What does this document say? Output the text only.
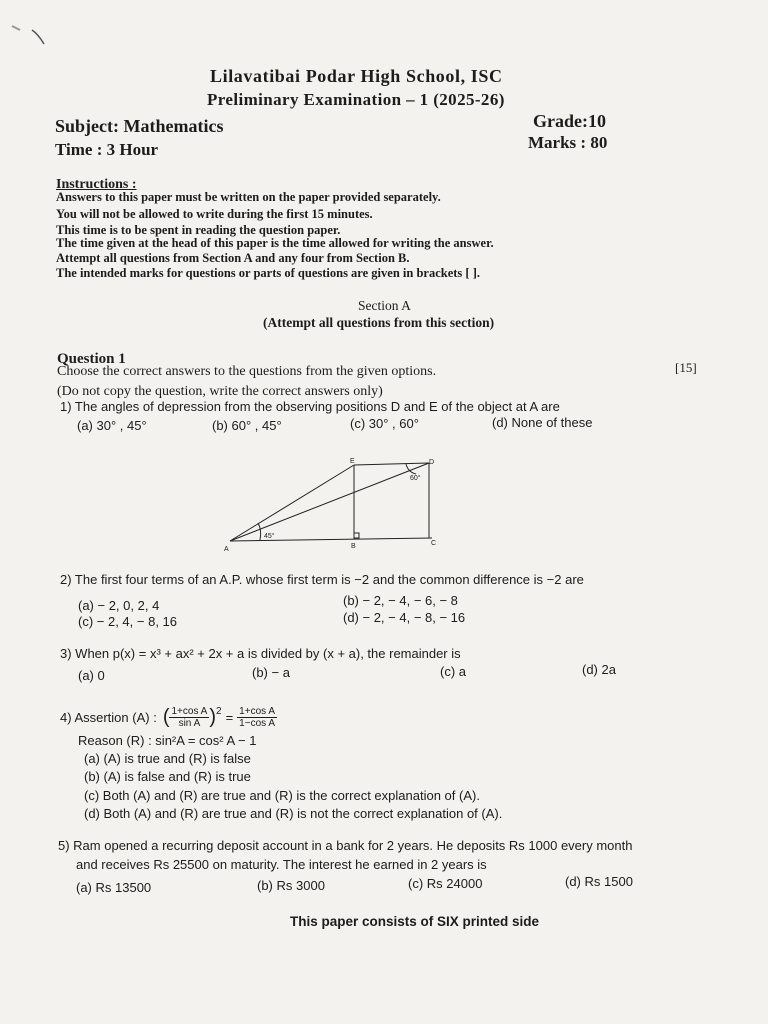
Lilavatibai Podar High School, ISC
Preliminary Examination – 1 (2025-26)
Subject: Mathematics	Grade:10
Time : 3 Hour	Marks : 80
Instructions :
Answers to this paper must be written on the paper provided separately.
You will not be allowed to write during the first 15 minutes.
This time is to be spent in reading the question paper.
The time given at the head of this paper is the time allowed for writing the answer.
Attempt all questions from Section A and any four from Section B.
The intended marks for questions or parts of questions are given in brackets [ ].
Section A
(Attempt all questions from this section)
Question 1
Choose the correct answers to the questions from the given options.
(Do not copy the question, write the correct answers only)
[15]
1) The angles of depression from the observing positions D and E of the object at A are
(a) 30° , 45°	(b) 60° , 45°	(c) 30° , 60°	(d) None of these
A	B	C
D
E
45°
60°
2) The first four terms of an A.P. whose first term is −2 and the common difference is −2 are
(a) − 2, 0, 2, 4	(b) − 2, − 4, − 6, − 8
(c) − 2, 4, − 8, 16	(d) − 2, − 4, − 8, − 16
3) When p(x) = x³ + ax² + 2x + a is divided by (x + a), the remainder is
(a) 0	(b) − a	(c) a	(d) 2a
4) Assertion (A) : ( $\frac{\text{1+cos A}}{\text{sin A}} )^2 = \frac{\text{1+cos A}}{\text{1−cos A}}$
Reason (R) : sin²A = cos² A − 1
(a) (A) is true and (R) is false
(b) (A) is false and (R) is true
(c) Both (A) and (R) are true and (R) is the correct explanation of (A).
(d) Both (A) and (R) are true and (R) is not the correct explanation of (A).
5) Ram opened a recurring deposit account in a bank for 2 years. He deposits Rs 1000 every month
and receives Rs 25500 on maturity. The interest he earned in 2 years is
(a) Rs 13500	(b) Rs 3000	(c) Rs 24000	(d) Rs 1500
This paper consists of SIX printed side
